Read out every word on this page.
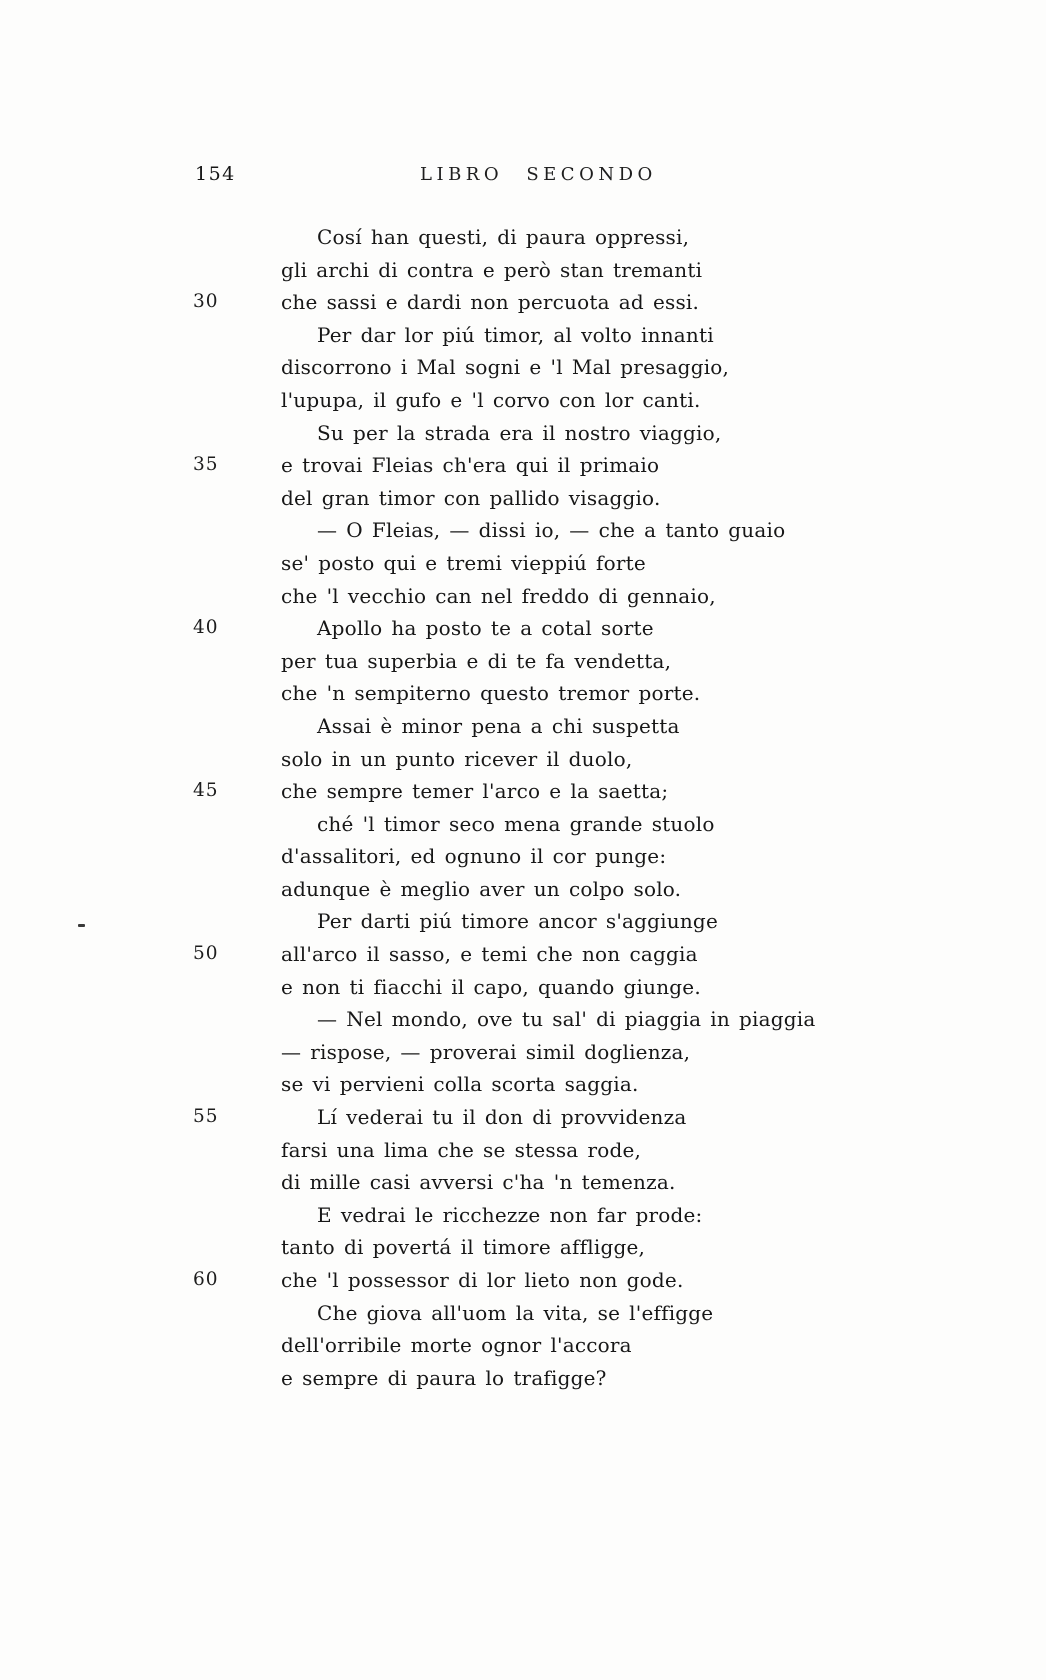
154	LIBRO SECONDO
Cosí han questi, di paura oppressi,
gli archi di contra e però stan tremanti
30	che sassi e dardi non percuota ad essi.
Per dar lor piú timor, al volto innanti
discorrono i Mal sogni e 'l Mal presaggio,
l'upupa, il gufo e 'l corvo con lor canti.
Su per la strada era il nostro viaggio,
35	e trovai Fleias ch'era qui il primaio
del gran timor con pallido visaggio.
— O Fleias, — dissi io, — che a tanto guaio
se' posto qui e tremi vieppiú forte
che 'l vecchio can nel freddo di gennaio,
40	Apollo ha posto te a cotal sorte
per tua superbia e di te fa vendetta,
che 'n sempiterno questo tremor porte.
Assai è minor pena a chi suspetta
solo in un punto ricever il duolo,
45	che sempre temer l'arco e la saetta;
ché 'l timor seco mena grande stuolo
d'assalitori, ed ognuno il cor punge:
adunque è meglio aver un colpo solo.
Per darti piú timore ancor s'aggiunge
50	all'arco il sasso, e temi che non caggia
e non ti fiacchi il capo, quando giunge.
— Nel mondo, ove tu sal' di piaggia in piaggia
— rispose, — proverai simil doglienza,
se vi pervieni colla scorta saggia.
55	Lí vederai tu il don di provvidenza
farsi una lima che se stessa rode,
di mille casi avversi c'ha 'n temenza.
E vedrai le ricchezze non far prode:
tanto di povertá il timore affligge,
60	che 'l possessor di lor lieto non gode.
Che giova all'uom la vita, se l'effigge
dell'orribile morte ognor l'accora
e sempre di paura lo trafigge?
